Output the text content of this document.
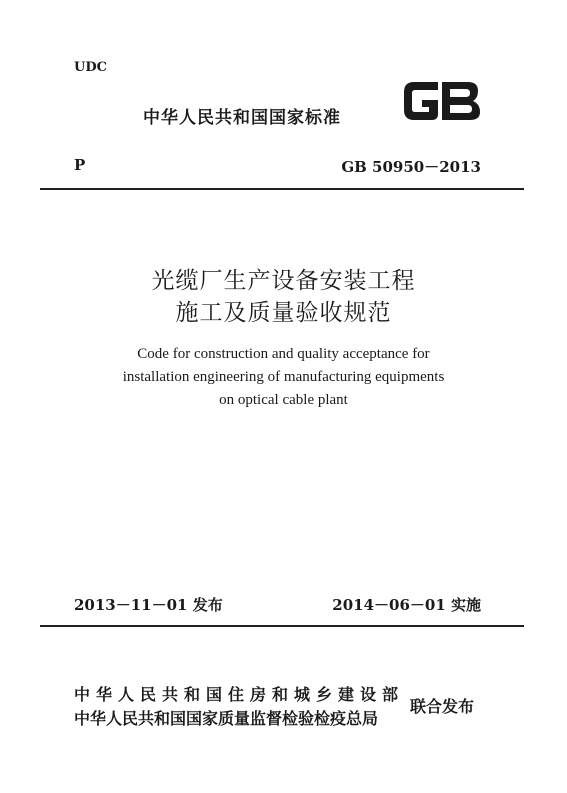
UDC
中华人民共和国国家标准
P	GB 50950－2013
光缆厂生产设备安装工程
施工及质量验收规范
Code for construction and quality acceptance for
installation engineering of manufacturing equipments
on optical cable plant
2013－11－01 发布	2014－06－01 实施
中华人民共和国住房和城乡建设部
中华人民共和国国家质量监督检验检疫总局
联合发布
